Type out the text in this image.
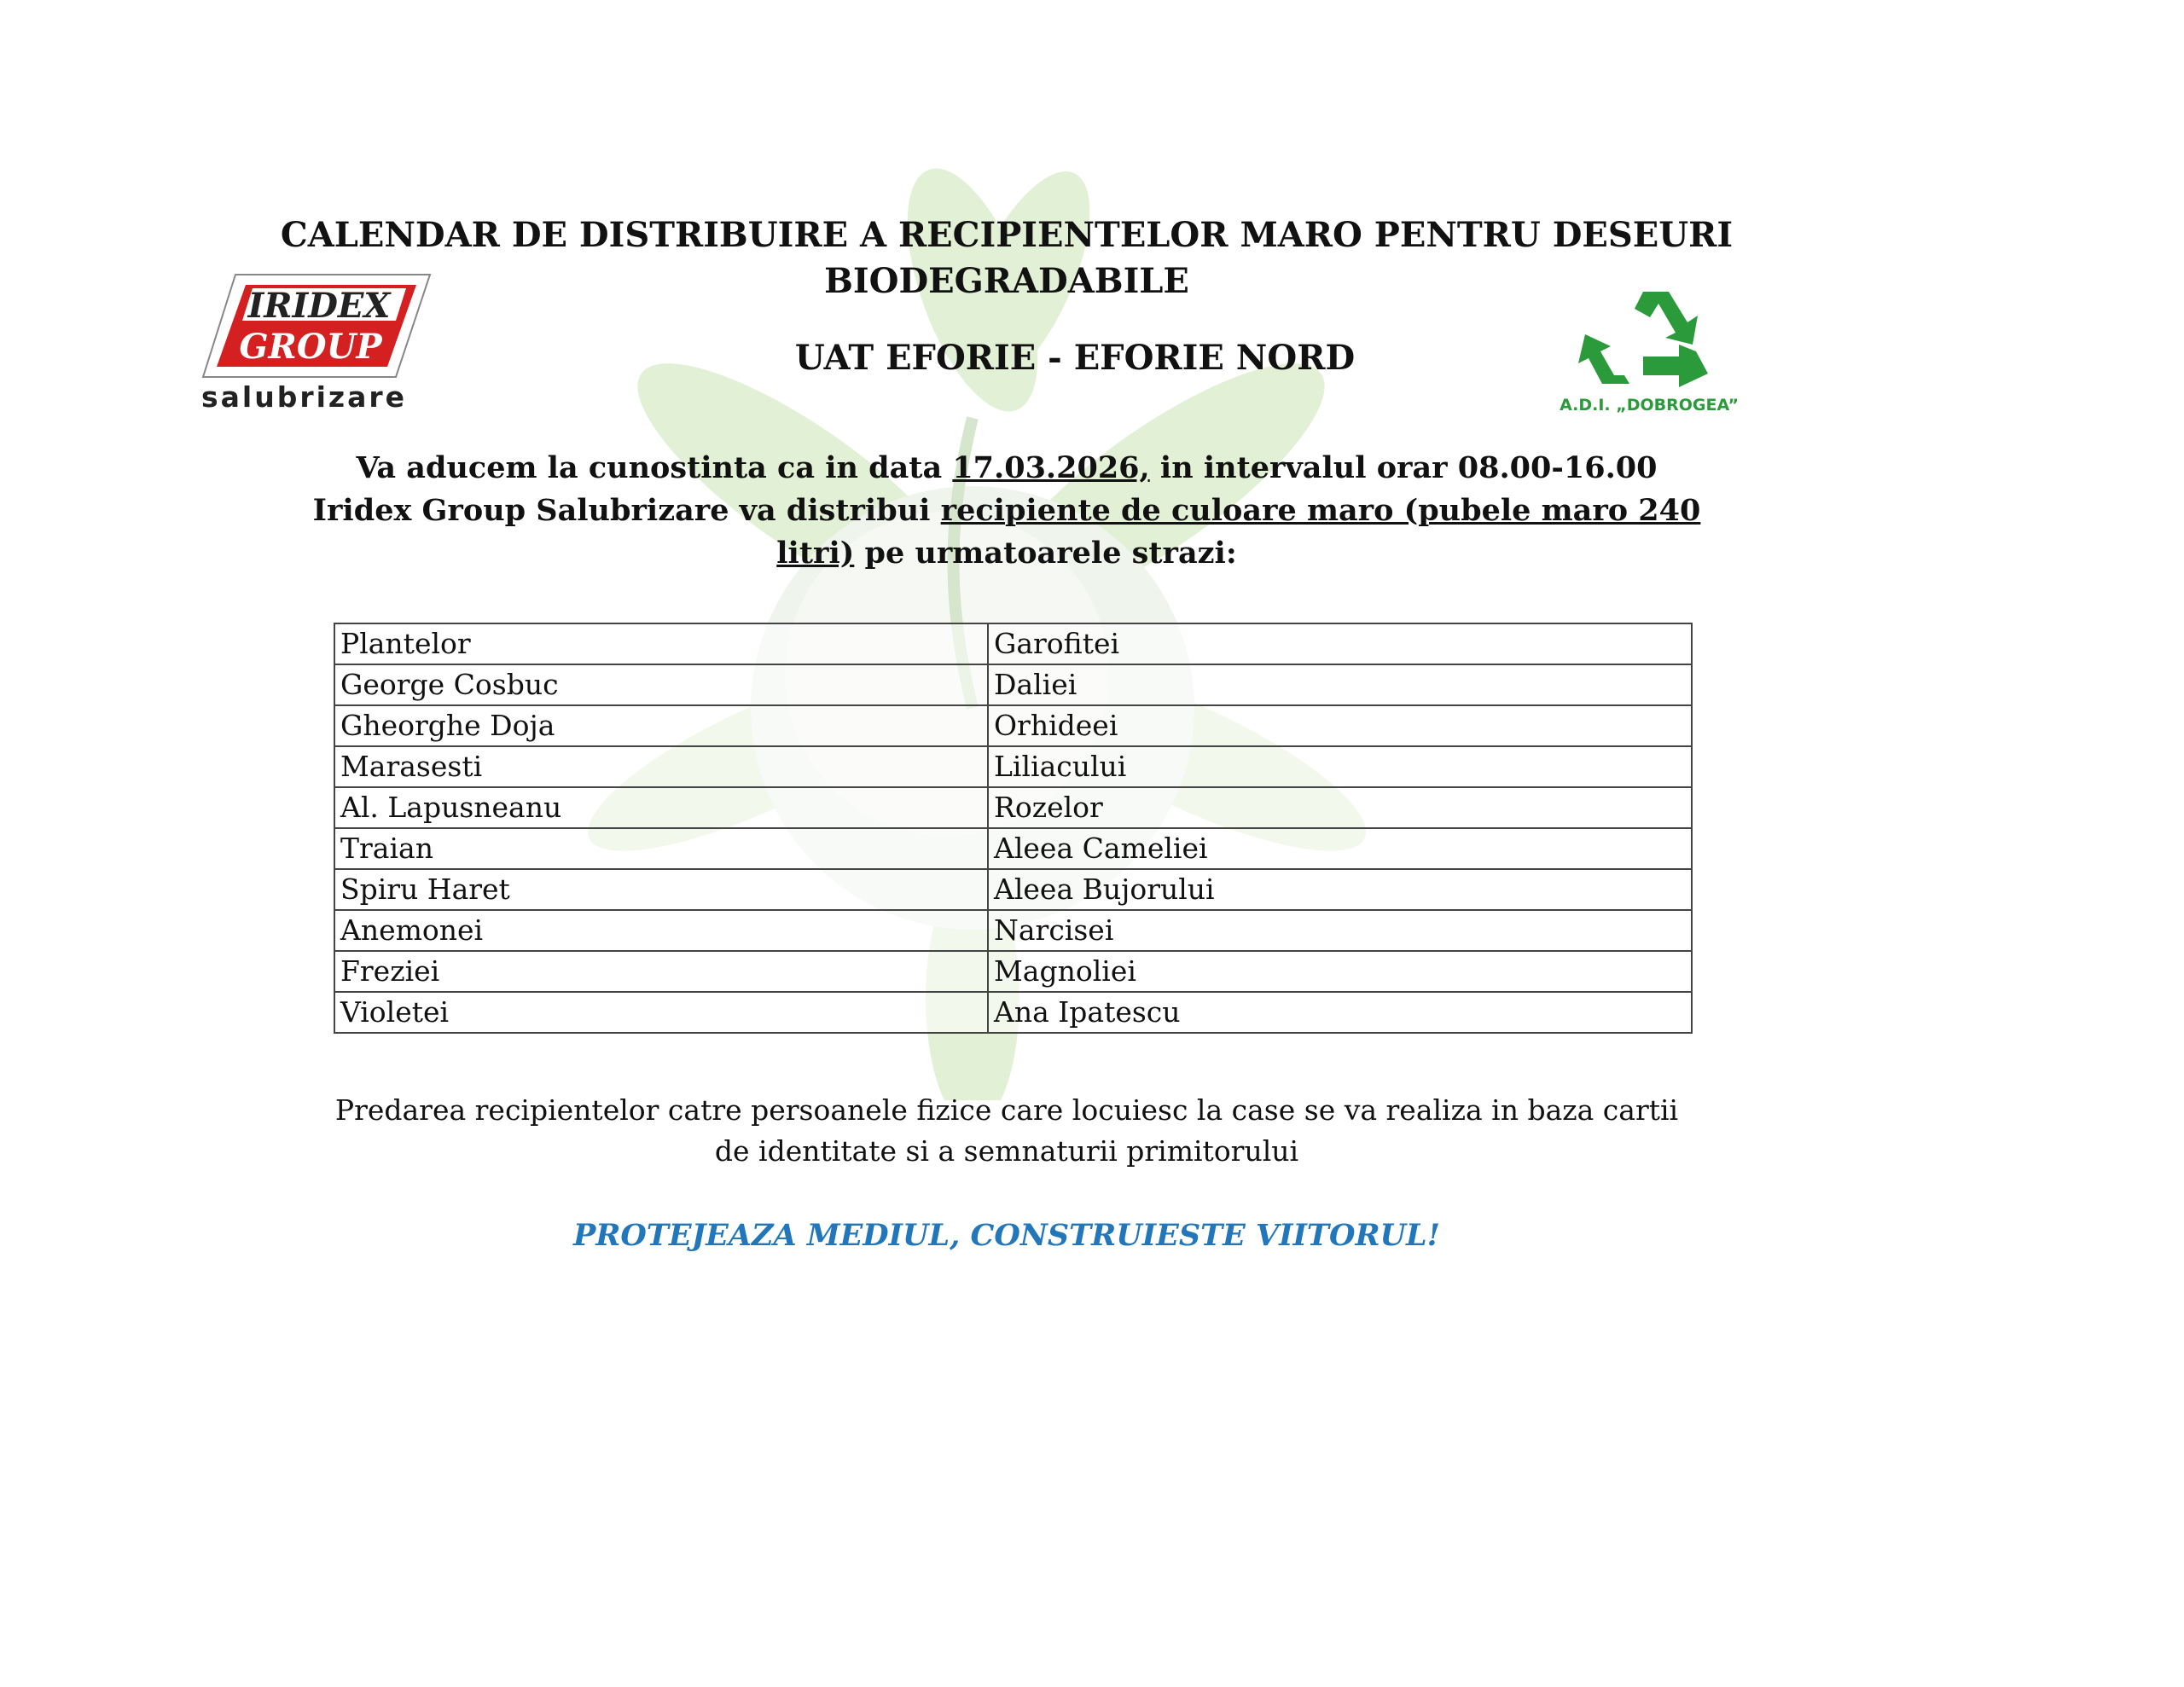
CALENDAR DE DISTRIBUIRE A RECIPIENTELOR MARO PENTRU DESEURI
BIODEGRADABILE
UAT EFORIE - EFORIE NORD
IRIDEX
GROUP
salubrizare	A.D.I. „DOBROGEA”
Va aducem la cunostinta ca in data 17.03.2026, in intervalul orar 08.00-16.00 Iridex Group Salubrizare va distribui recipiente de culoare maro (pubele maro 240 litri) pe urmatoarele strazi:
Plantelor	Garofitei
George Cosbuc	Daliei
Gheorghe Doja	Orhideei
Marasesti	Liliacului
Al. Lapusneanu	Rozelor
Traian	Aleea Cameliei
Spiru Haret	Aleea Bujorului
Anemonei	Narcisei
Freziei	Magnoliei
Violetei	Ana Ipatescu
Predarea recipientelor catre persoanele fizice care locuiesc la case se va realiza in baza cartii de identitate si a semnaturii primitorului
PROTEJEAZA MEDIUL, CONSTRUIESTE VIITORUL!
